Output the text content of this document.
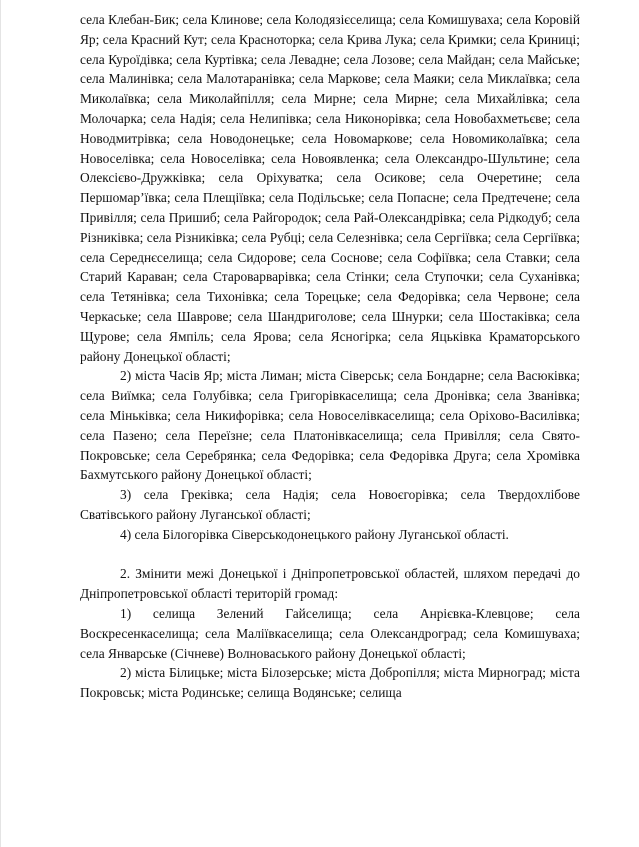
села Клебан-Бик; села Клинове; села Колодязієселища; села Комишуваха; села Коровій Яр; села Красний Кут; села Красноторка; села Крива Лука; села Кримки; села Криниці; села Куроїдівка; села Куртівка; села Левадне; села Лозове; села Майдан; села Майське; села Малинівка; села Малотаранівка; села Маркове; села Маяки; села Миклаївка; села Миколаївка; села Миколайпілля; села Мирне; села Мирне; села Михайлівка; села Молочарка; села Надія; села Нелипівка; села Никонорівка; села Новобахметьєве; села Новодмитрівка; села Новодонецьке; села Новомаркове; села Новомиколаївка; села Новоселівка; села Новоселівка; села Новоявленка; села Олександро-Шультине; села Олексієво-Дружківка; села Оріхуватка; села Осикове; села Очеретине; села Першомарʼївка; села Плещіївка; села Подільське; села Попасне; села Предтечене; села Привілля; села Пришиб; села Райгородок; села Рай-Олександрівка; села Рідкодуб; села Різниківка; села Різниківка; села Рубці; села Селезнівка; села Сергіївка; села Сергіївка; села Середнєселища; села Сидорове; села Соснове; села Софіївка; села Ставки; села Старий Караван; села Староварварівка; села Стінки; села Ступочки; села Суханівка; села Тетянівка; села Тихонівка; села Торецьке; села Федорівка; села Червоне; села Черкаське; села Шаврове; села Шандриголове; села Шнурки; села Шостаківка; села Щурове; села Ямпіль; села Ярова; села Ясногірка; села Яцьківка Краматорського району Донецької області;

2) міста Часів Яр; міста Лиман; міста Сіверськ; села Бондарне; села Васюківка; села Виїмка; села Голубівка; села Григорівкаселища; села Дронівка; села Званівка; села Міньківка; села Никифорівка; села Новоселівкаселища; села Оріхово-Василівка; села Пазено; села Переїзне; села Платонівкаселища; села Привілля; села Свято-Покровське; села Серебрянка; села Федорівка; села Федорівка Друга; села Хромівка Бахмутського району Донецької області;

3) села Греківка; села Надія; села Новоєгорівка; села Твердохлібове Сватівського району Луганської області;

4) села Білогорівка Сіверськодонецького району Луганської області.

2. Змінити межі Донецької і Дніпропетровської областей, шляхом передачі до Дніпропетровської області територій громад:

1) селища Зелений Гайселища; села Анрієвка-Клевцове; села Воскресенкаселища; села Маліївкаселища; села Олександроград; села Комишуваха; села Январське (Січневе) Волноваського району Донецької області;

2) міста Білицьке; міста Білозерське; міста Добропілля; міста Мирноград; міста Покровськ; міста Родинське; селища Водянське; селища
